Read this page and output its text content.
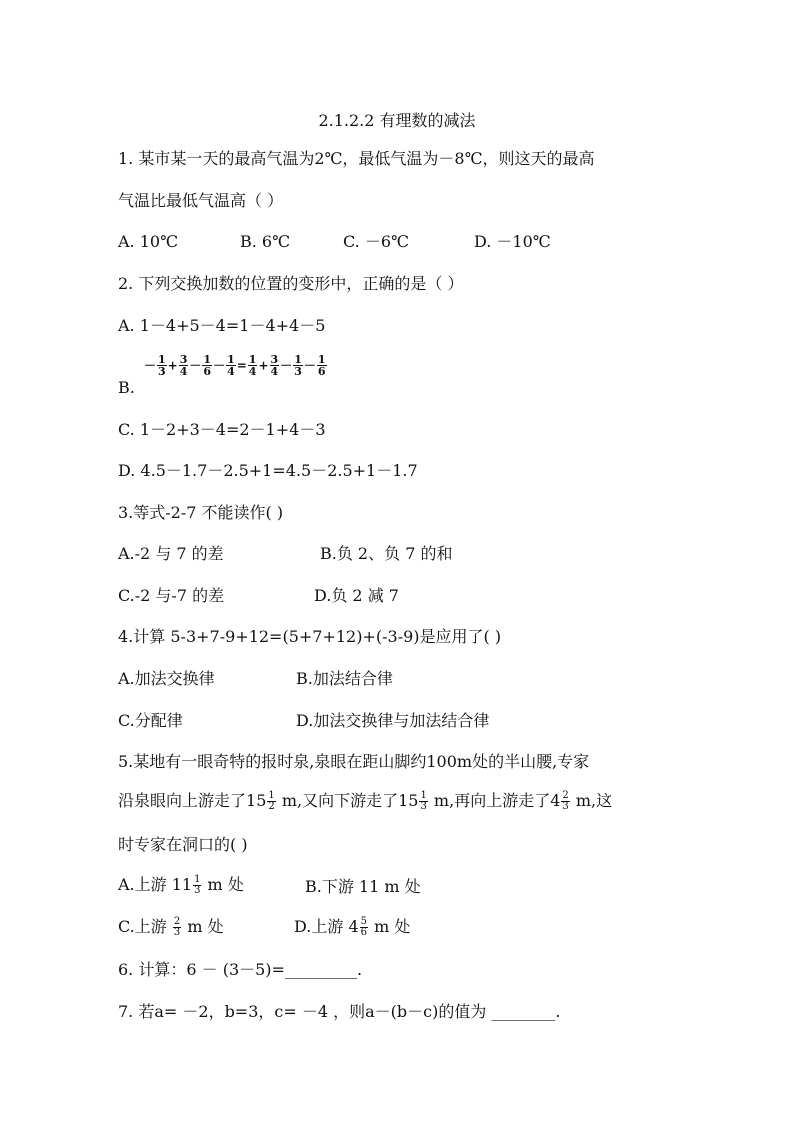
2.1.2.2 有理数的减法
1. 某市某一天的最高气温为2℃，最低气温为－8℃，则这天的最高
气温比最低气温高（ ）
A. 10℃	B. 6℃	C. －6℃	D. －10℃
2. 下列交换加数的位置的变形中，正确的是（ ）
A. 1－4+5－4=1－4+4－5
B.
－ $\frac{1}{3} + \frac{3}{4} - \frac{1}{6} - \frac{1}{4} = \frac{1}{4} + \frac{3}{4} - \frac{1}{3} - \frac{1}{6}$
C. 1－2+3－4=2－1+4－3
D. 4.5－1.7－2.5+1=4.5－2.5+1－1.7
3.等式-2-7 不能读作( )
A.-2 与 7 的差	B.负 2、负 7 的和
C.-2 与-7 的差	D.负 2 减 7
4.计算 5-3+7-9+12=(5+7+12)+(-3-9)是应用了( )
A.加法交换律	B.加法结合律
C.分配律	D.加法交换律与加法结合律
5.某地有一眼奇特的报时泉,泉眼在距山脚约100m处的半山腰,专家
沿泉眼向上游走了$15 \frac{1}{2} m$,又向下游走了$15 \frac{1}{3} m$,再向上游走了$4 \frac{2}{3} m$,这
时专家在洞口的( )
A.上游 $11 \frac{1}{3}$ m 处	B.下游 11 m 处
C.上游 $\frac{2}{3}$ m 处	D.上游 $4 \frac{5}{6}$ m 处
6. 计算：6 － (3－5)=_________.
7. 若a= －2，b=3，c= －4 ，则a－(b－c)的值为 ________.
